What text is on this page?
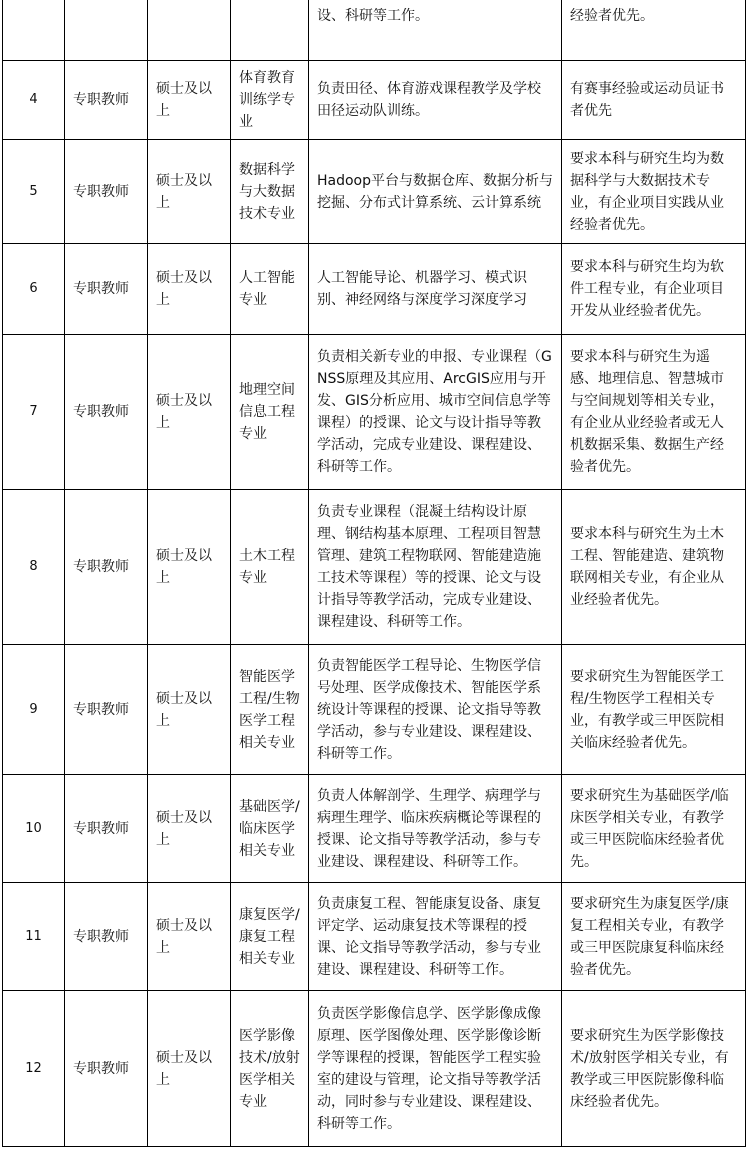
				设、科研等工作。	经验者优先。
4	专职教师	硕士及以上	体育教育训练学专业	负责田径、体育游戏课程教学及学校田径运动队训练。	有赛事经验或运动员证书者优先
5	专职教师	硕士及以上	数据科学与大数据技术专业	Hadoop平台与数据仓库、数据分析与挖掘、分布式计算系统、云计算系统	要求本科与研究生均为数据科学与大数据技术专业，有企业项目实践从业经验者优先。
6	专职教师	硕士及以上	人工智能专业	人工智能导论、机器学习、模式识别、神经网络与深度学习深度学习	要求本科与研究生均为软件工程专业，有企业项目开发从业经验者优先。
7	专职教师	硕士及以上	地理空间信息工程专业	负责相关新专业的申报、专业课程（GNSS原理及其应用、ArcGIS应用与开发、GIS分析应用、城市空间信息学等课程）的授课、论文与设计指导等教学活动，完成专业建设、课程建设、科研等工作。	要求本科与研究生为遥感、地理信息、智慧城市与空间规划等相关专业，有企业从业经验者或无人机数据采集、数据生产经验者优先。
8	专职教师	硕士及以上	土木工程专业	负责专业课程（混凝土结构设计原理、钢结构基本原理、工程项目智慧管理、建筑工程物联网、智能建造施工技术等课程）等的授课、论文与设计指导等教学活动，完成专业建设、课程建设、科研等工作。	要求本科与研究生为土木工程、智能建造、建筑物联网相关专业，有企业从业经验者优先。
9	专职教师	硕士及以上	智能医学工程/生物医学工程相关专业	负责智能医学工程导论、生物医学信号处理、医学成像技术、智能医学系统设计等课程的授课、论文指导等教学活动，参与专业建设、课程建设、科研等工作。	要求研究生为智能医学工程/生物医学工程相关专业，有教学或三甲医院相关临床经验者优先。
10	专职教师	硕士及以上	基础医学/临床医学相关专业	负责人体解剖学、生理学、病理学与病理生理学、临床疾病概论等课程的授课、论文指导等教学活动，参与专业建设、课程建设、科研等工作。	要求研究生为基础医学/临床医学相关专业，有教学或三甲医院临床经验者优先。
11	专职教师	硕士及以上	康复医学/康复工程相关专业	负责康复工程、智能康复设备、康复评定学、运动康复技术等课程的授课、论文指导等教学活动，参与专业建设、课程建设、科研等工作。	要求研究生为康复医学/康复工程相关专业，有教学或三甲医院康复科临床经验者优先。
12	专职教师	硕士及以上	医学影像技术/放射医学相关专业	负责医学影像信息学、医学影像成像原理、医学图像处理、医学影像诊断学等课程的授课，智能医学工程实验室的建设与管理，论文指导等教学活动，同时参与专业建设、课程建设、科研等工作。	要求研究生为医学影像技术/放射医学相关专业，有教学或三甲医院影像科临床经验者优先。
